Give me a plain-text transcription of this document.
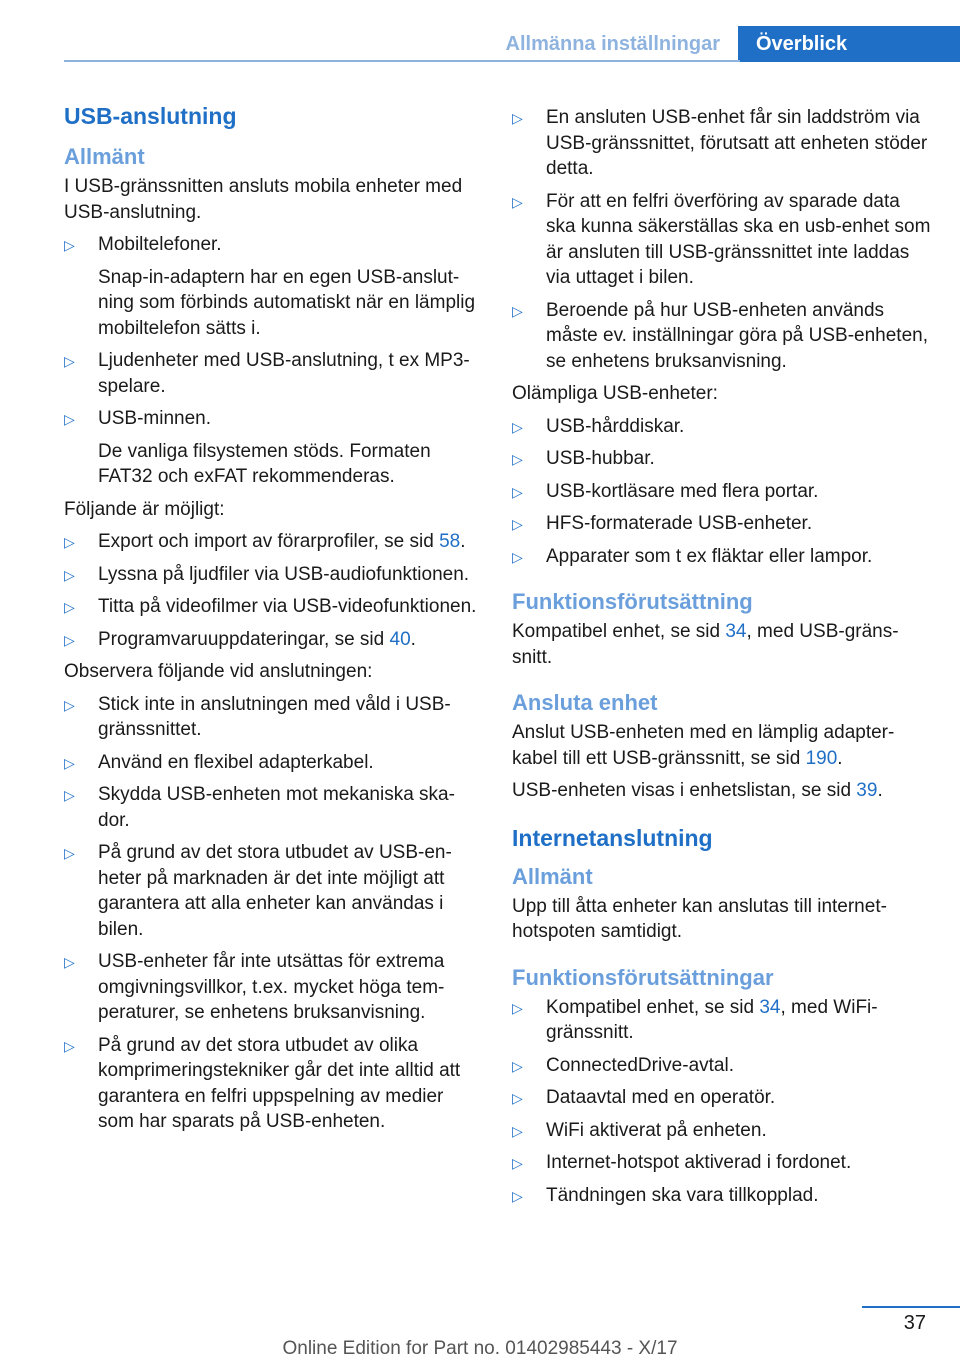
Allmänna inställningar	Överblick
USB-anslutning
Allmänt

I USB-gränssnitten ansluts mobila enheter med USB-anslutning.

▷ Mobiltelefoner.
Snap-in-adaptern har en egen USB-anslutning som förbinds automatiskt när en lämplig mobiltelefon sätts i.
▷ Ljudenheter med USB-anslutning, t ex MP3-spelare.
▷ USB-minnen.
De vanliga filsystemen stöds. Formaten FAT32 och exFAT rekommenderas.

Följande är möjligt:

▷ Export och import av förarprofiler, se sid 58.
▷ Lyssna på ljudfiler via USB-audiofunktionen.
▷ Titta på videofilmer via USB-videofunktionen.
▷ Programvaruuppdateringar, se sid 40.

Observera följande vid anslutningen:

▷ Stick inte in anslutningen med våld i USB-gränssnittet.
▷ Använd en flexibel adapterkabel.
▷ Skydda USB-enheten mot mekaniska skador.
▷ På grund av det stora utbudet av USB-enheter på marknaden är det inte möjligt att garantera att alla enheter kan användas i bilen.
▷ USB-enheter får inte utsättas för extrema omgivningsvillkor, t.ex. mycket höga temperaturer, se enhetens bruksanvisning.
▷ På grund av det stora utbudet av olika komprimeringstekniker går det inte alltid att garantera en felfri uppspelning av medier som har sparats på USB-enheten.
▷ En ansluten USB-enhet får sin laddström via USB-gränssnittet, förutsatt att enheten stöder detta.
▷ För att en felfri överföring av sparade data ska kunna säkerställas ska en usb-enhet som är ansluten till USB-gränssnittet inte laddas via uttaget i bilen.
▷ Beroende på hur USB-enheten används måste ev. inställningar göra på USB-enheten, se enhetens bruksanvisning.

Olämpliga USB-enheter:

▷ USB-hårddiskar.
▷ USB-hubbar.
▷ USB-kortläsare med flera portar.
▷ HFS-formaterade USB-enheter.
▷ Apparater som t ex fläktar eller lampor.
Funktionsförutsättning

Kompatibel enhet, se sid 34, med USB-gränssnitt.

Ansluta enhet

Anslut USB-enheten med en lämplig adapterkabel till ett USB-gränssnitt, se sid 190.

USB-enheten visas i enhetslistan, se sid 39.

Internetanslutning
Allmänt

Upp till åtta enheter kan anslutas till internethotspoten samtidigt.

Funktionsförutsättningar
▷ Kompatibel enhet, se sid 34, med WiFi-gränssnitt.
▷ ConnectedDrive-avtal.
▷ Dataavtal med en operatör.
▷ WiFi aktiverat på enheten.
▷ Internet-hotspot aktiverad i fordonet.
▷ Tändningen ska vara tillkopplad.
37
Online Edition for Part no. 01402985443 - X/17
